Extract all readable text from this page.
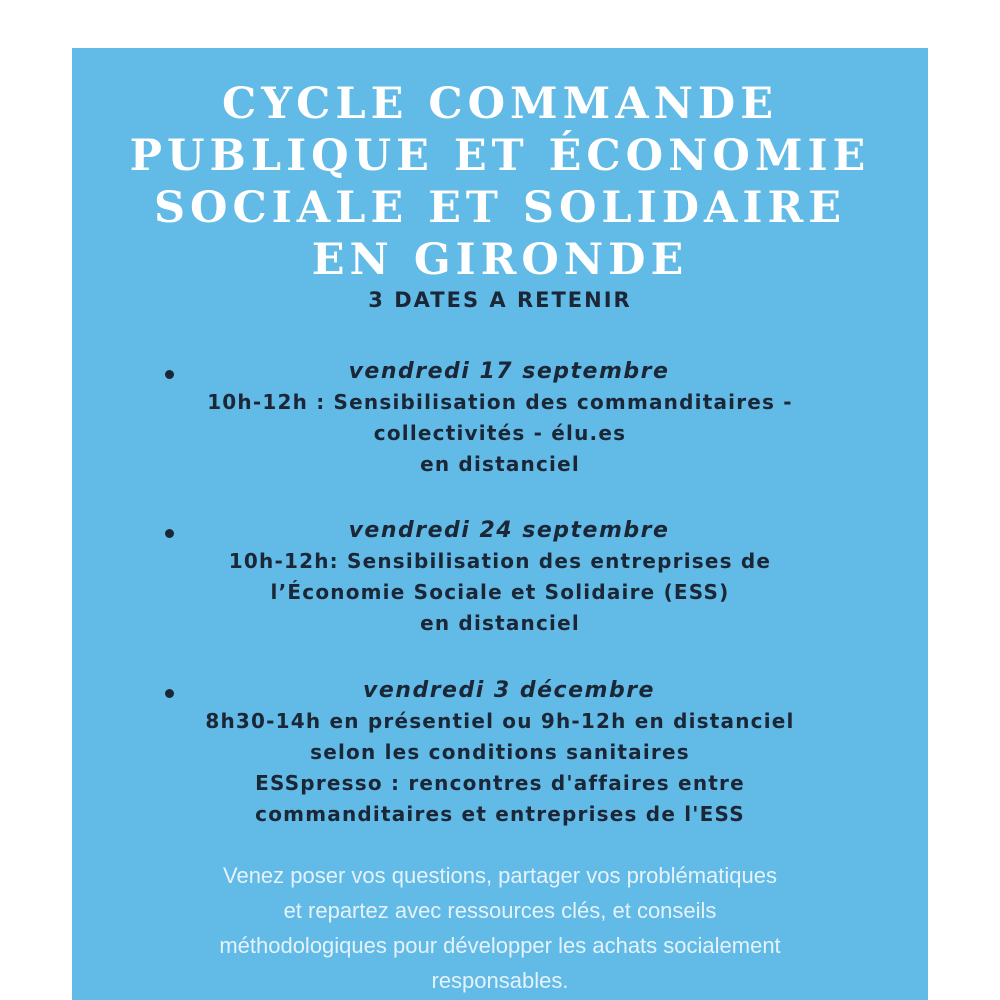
CYCLE COMMANDE
PUBLIQUE ET ÉCONOMIE
SOCIALE ET SOLIDAIRE
EN GIRONDE
3 DATES A RETENIR
vendredi 17 septembre
10h-12h : Sensibilisation des commanditaires -
collectivités - élu.es
en distanciel
vendredi 24 septembre
10h-12h: Sensibilisation des entreprises de
l’Économie Sociale et Solidaire (ESS)
en distanciel
vendredi 3 décembre
8h30-14h en présentiel ou 9h-12h en distanciel
selon les conditions sanitaires
ESSpresso : rencontres d'affaires entre
commanditaires et entreprises de l'ESS
Venez poser vos questions, partager vos problématiques
et repartez avec ressources clés, et conseils
méthodologiques pour développer les achats socialement
responsables.
